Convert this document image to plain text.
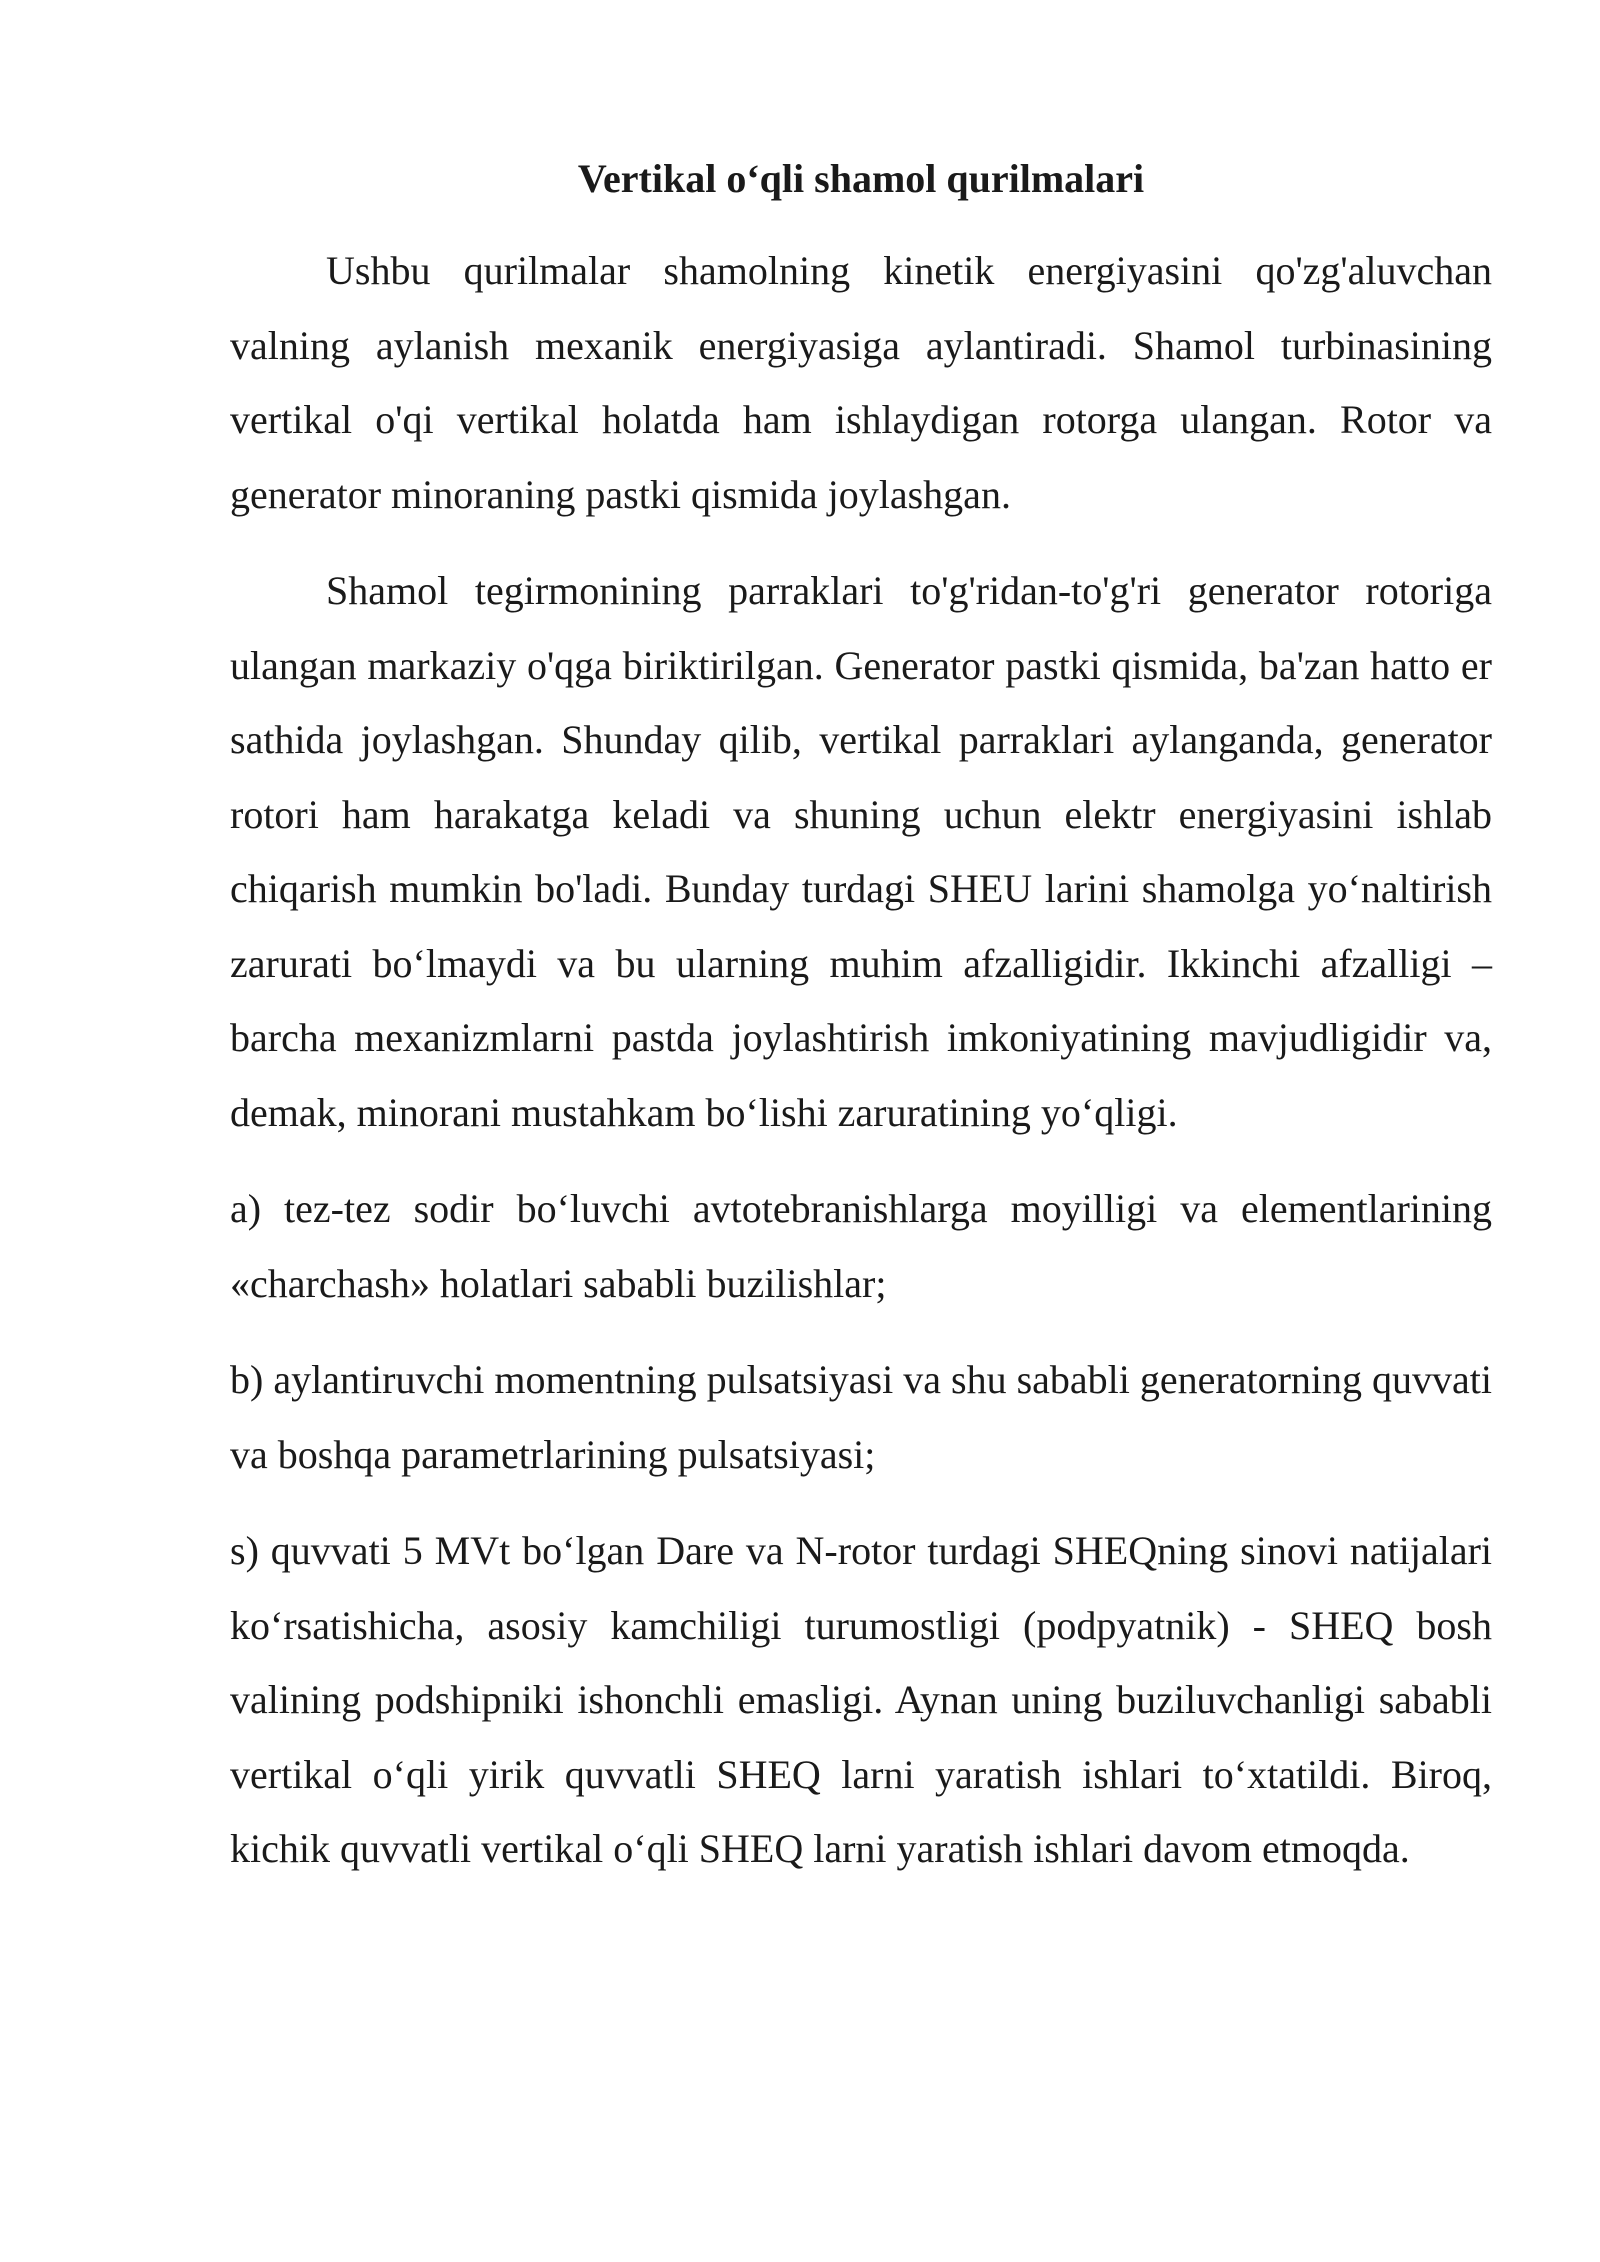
Vertikal o‘qli shamol qurilmalari

Ushbu qurilmalar shamolning kinetik energiyasini qo'zg'aluvchan valning aylanish mexanik energiyasiga aylantiradi. Shamol turbinasining vertikal o'qi vertikal holatda ham ishlaydigan rotorga ulangan. Rotor va generator minoraning pastki qismida joylashgan.

Shamol tegirmonining parraklari to'g'ridan-to'g'ri generator rotoriga ulangan markaziy o'qga biriktirilgan. Generator pastki qismida, ba'zan hatto er sathida joylashgan. Shunday qilib, vertikal parraklari aylanganda, generator rotori ham harakatga keladi va shuning uchun elektr energiyasini ishlab chiqarish mumkin bo'ladi. Bunday turdagi SHEU larini shamolga yo‘naltirish zarurati bo‘lmaydi va bu ularning muhim afzalligidir. Ikkinchi afzalligi – barcha mexanizmlarni pastda joylashtirish imkoniyatining mavjudligidir va, demak, minorani mustahkam bo‘lishi zaruratining yo‘qligi.

a) tez-tez sodir bo‘luvchi avtotebranishlarga moyilligi va elementlarining «charchash» holatlari sababli buzilishlar;

b) aylantiruvchi momentning pulsatsiyasi va shu sababli generatorning quvvati va boshqa parametrlarining pulsatsiyasi;

s) quvvati 5 MVt bo‘lgan Dare va N-rotor turdagi SHEQning sinovi natijalari ko‘rsatishicha, asosiy kamchiligi turumostligi (podpyatnik) - SHEQ bosh valining podshipniki ishonchli emasligi. Aynan uning buziluvchanligi sababli vertikal o‘qli yirik quvvatli SHEQ larni yaratish ishlari to‘xtatildi. Biroq, kichik quvvatli vertikal o‘qli SHEQ larni yaratish ishlari davom etmoqda.
